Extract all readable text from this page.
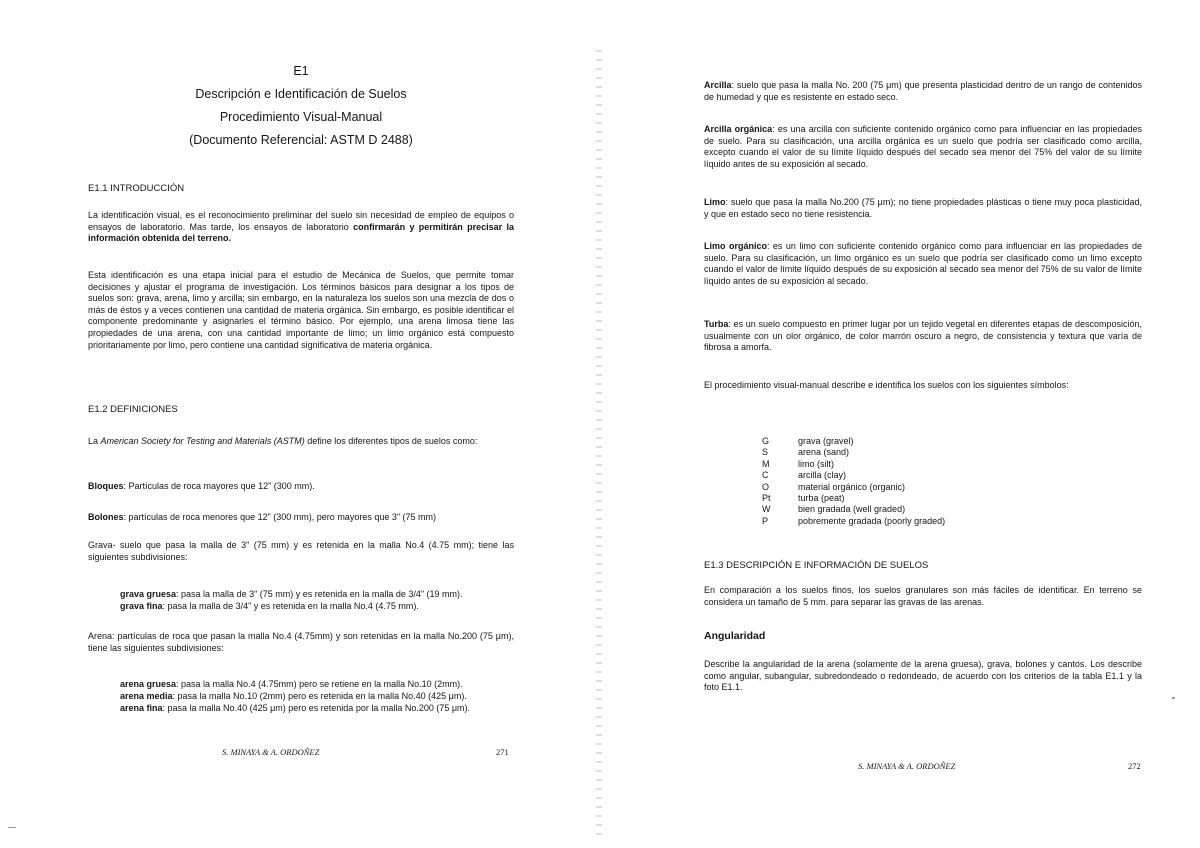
E1
Descripción e Identificación de Suelos
Procedimiento Visual-Manual
(Documento Referencial: ASTM D 2488)
E1.1 INTRODUCCIÓN

La identificación visual, es el reconocimiento preliminar del suelo sin necesidad de empleo de equipos o ensayos de laboratorio. Mas tarde, los ensayos de laboratorio confirmarán y permitirán precisar la información obtenida del terreno.

Esta identificación es una etapa inicial para el estudio de Mecánica de Suelos, que permite tomar decisiones y ajustar el programa de investigación. Los términos básicos para designar a los tipos de suelos son: grava, arena, limo y arcilla; sin embargo, en la naturaleza los suelos son una mezcla de dos o más de éstos y a veces contienen una cantidad de materia orgánica. Sin embargo, es posible identificar el componente predominante y asignarles el término básico. Por ejemplo, una arena limosa tiene las propiedades de una arena, con una cantidad importante de limo; un limo orgánico está compuesto prioritariamente por limo, pero contiene una cantidad significativa de materia orgánica.

E1.2 DEFINICIONES

La American Society for Testing and Materials (ASTM) define los diferentes tipos de suelos como:

Bloques: Partículas de roca mayores que 12" (300 mm).

Bolones: partículas de roca menores que 12" (300 mm), pero mayores que 3" (75 mm)

Grava- suelo que pasa la malla de 3" (75 mm) y es retenida en la malla No.4 (4.75 mm); tiene las siguientes subdivisiones:

grava gruesa: pasa la malla de 3" (75 mm) y es retenida en la malla de 3/4" (19 mm).

grava fina: pasa la malla de 3/4" y es retenida en la malla No.4 (4.75 mm).

Arena: partículas de roca que pasan la malla No.4 (4.75mm) y son retenidas en la malla No.200 (75 μm), tiene las siguientes subdivisiones:

arena gruesa: pasa la malla No.4 (4.75mm) pero se retiene en la malla No.10 (2mm).

arena media: pasa la malla No.10 (2mm) pero es retenida en la malla No.40 (425 μm).

arena fina: pasa la malla No.40 (425 μm) pero es retenida por la malla No.200 (75 μm).

S. MINAYA & A. ORDOÑEZ	271

Arcilla: suelo que pasa la malla No. 200 (75 μm) que presenta plasticidad dentro de un rango de contenidos de humedad y que es resistente en estado seco.

Arcilla orgánica: es una arcilla con suficiente contenido orgánico como para influenciar en las propiedades de suelo. Para su clasificación, una arcilla orgánica es un suelo que podría ser clasificado como arcilla, excepto cuando el valor de su límite líquido después del secado sea menor del 75% del valor de su límite líquido antes de su exposición al secado.

Limo: suelo que pasa la malla No.200 (75 μm); no tiene propiedades plásticas o tiene muy poca plasticidad, y que en estado seco no tiene resistencia.

Limo orgánico: es un limo con suficiente contenido orgánico como para influenciar en las propiedades de suelo. Para su clasificación, un limo orgánico es un suelo que podría ser clasificado como un limo excepto cuando el valor de límite líquido después de su exposición al secado sea menor del 75% de su valor de límite líquido antes de su exposición al secado.

Turba: es un suelo compuesto en primer lugar por un tejido vegetal en diferentes etapas de descomposición, usualmente con un olor orgánico, de color marrón oscuro a negro, de consistencia y textura que varía de fibrosa a amorfa.

El procedimiento visual-manual describe e identifica los suelos con los siguientes símbolos:

G	grava (gravel)
S	arena (sand)
M	limo (silt)
C	arcilla (clay)
O	material orgánico (organic)
Pt	turba (peat)
W	bien gradada (well graded)
P	pobremente gradada (poorly graded)
E1.3 DESCRIPCIÓN E INFORMACIÓN DE SUELOS

En comparación a los suelos finos, los suelos granulares son más fáciles de identificar. En terreno se considera un tamaño de 5 mm. para separar las gravas de las arenas.

Angularidad

Describe la angularidad de la arena (solamente de la arena gruesa), grava, bolones y cantos. Los describe como angular, subangular, subredondeado o redondeado, de acuerdo con los criterios de la tabla E1.1 y la foto E1.1.

S. MINAYA & A. ORDOÑEZ	272
